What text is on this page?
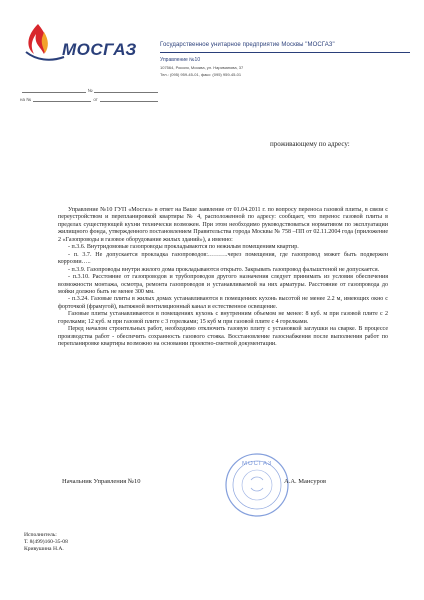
МОСГАЗ	Государственное унитарное предприятие Москвы "МОСГАЗ"
Управление №10
107564, Россия, Москва, ул. Нариманова, 37
Тел.: (095) 959-45-01, факс: (095) 959-45-01
№
на №	от
проживающему по адресу:

Управление №10 ГУП «Мосгаз» в ответ на Ваше заявление от 01.04.2011 г. по вопросу переноса газовой плиты, в связи с переустройством и перепланировкой квартиры № 4, расположенной по адресу: сообщает, что перенос газовой плиты в пределах существующей кухни технически возможен. При этом необходимо руководствоваться нормативом по эксплуатации жилищного фонда, утвержденного постановлением Правительства города Москвы № 758 –ПП от 02.11.2004 года (приложение 2 «Газопроводы и газовое оборудование жилых зданий»), а именно:

- п.3.6. Внутридомовые газопроводы прокладываются по нежилым помещениям квартир.

- п. 3.7. Не допускается прокладка газопроводов:……….через помещения, где газопровод может быть подвержен коррозии…..

- п.3.9. Газопроводы внутри жилого дома прокладываются открыто. Закрывать газопровод фальшстеной не допускается.

- п.3.10. Расстояние от газопроводов и трубопроводов другого назначения следует принимать из условия обеспечения возможности монтажа, осмотра, ремонта газопроводов и устанавливаемой на них арматуры. Расстояние от газопровода до мойки должно быть не менее 300 мм.

- п.3.24. Газовые плиты в жилых домах устанавливаются в помещениях кухонь высотой не менее 2.2 м, имеющих окно с форточкой (фрамугой), вытяжной вентиляционный канал и естественное освещение.

Газовые плиты устанавливаются в помещениях кухонь с внутренним объемом не менее: 8 куб. м при газовой плите с 2 горелками; 12 куб. м при газовой плите с 3 горелками; 15 куб м при газовой плите с 4 горелками.

Перед началом строительных работ, необходимо отключить газовую плиту с установкой заглушки на сварке. В процессе производства работ - обеспечить сохранность газового стояка. Восстановление газоснабжения после выполнения работ по перепланировке квартиры возможно на основании проектно-сметной документации.

МОСГАЗ
Начальник Управления №10	А.А. Мансуров
Исполнитель:
Т. 8(499)160-35-08
Кривушина Н.А.
